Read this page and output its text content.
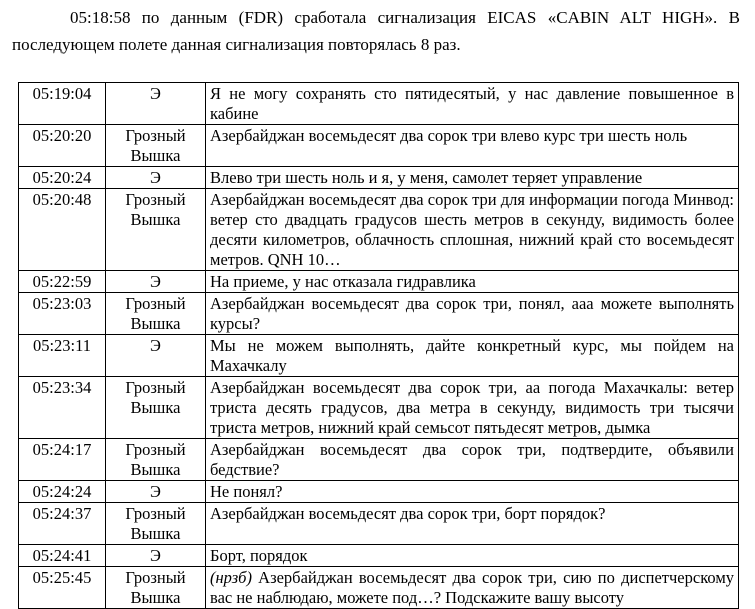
05:18:58 по данным (FDR) сработала сигнализация EICAS «CABIN ALT HIGH». В последующем полете данная сигнализация повторялась 8 раз.

05:19:04	Э	Я не могу сохранять сто пятидесятый, у нас давление повышенное в кабине
05:20:20	Грозный Вышка	Азербайджан восемьдесят два сорок три влево курс три шесть ноль
05:20:24	Э	Влево три шесть ноль и я, у меня, самолет теряет управление
05:20:48	Грозный Вышка	Азербайджан восемьдесят два сорок три для информации погода Минвод: ветер сто двадцать градусов шесть метров в секунду, видимость более десяти километров, облачность сплошная, нижний край сто восемьдесят метров. QNH 10…
05:22:59	Э	На приеме, у нас отказала гидравлика
05:23:03	Грозный Вышка	Азербайджан восемьдесят два сорок три, понял, ааа можете выполнять курсы?
05:23:11	Э	Мы не можем выполнять, дайте конкретный курс, мы пойдем на Махачкалу
05:23:34	Грозный Вышка	Азербайджан восемьдесят два сорок три, аа погода Махачкалы: ветер триста десять градусов, два метра в секунду, видимость три тысячи триста метров, нижний край семьсот пятьдесят метров, дымка
05:24:17	Грозный Вышка	Азербайджан восемьдесят два сорок три, подтвердите, объявили бедствие?
05:24:24	Э	Не понял?
05:24:37	Грозный Вышка	Азербайджан восемьдесят два сорок три, борт порядок?
05:24:41	Э	Борт, порядок
05:25:45	Грозный Вышка	(нрзб) Азербайджан восемьдесят два сорок три, сию по диспетчерскому вас не наблюдаю, можете под…? Подскажите вашу высоту
